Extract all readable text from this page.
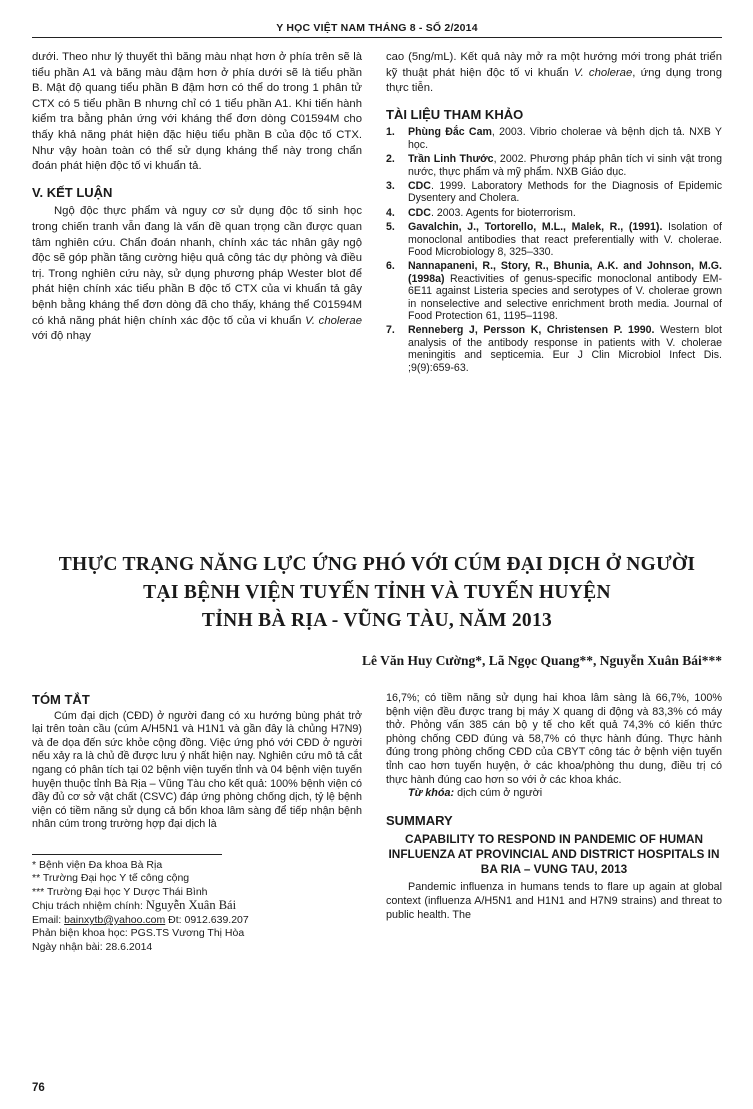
Y HỌC VIỆT NAM THÁNG 8 - SỐ 2/2014

dưới. Theo như lý thuyết thì băng màu nhạt hơn ở phía trên sẽ là tiểu phần A1 và băng màu đậm hơn ở phía dưới sẽ là tiểu phần B. Mật độ quang tiểu phần B đậm hơn có thể do trong 1 phân tử CTX có 5 tiểu phần B nhưng chỉ có 1 tiểu phần A1. Khi tiến hành kiểm tra bằng phản ứng với kháng thể đơn dòng C01594M cho thấy khả năng phát hiện đặc hiệu tiểu phần B của độc tố CTX. Như vậy hoàn toàn có thể sử dụng kháng thể này trong chẩn đoán phát hiện độc tố vi khuẩn tả.

V. KẾT LUẬN

Ngộ độc thực phẩm và nguy cơ sử dụng độc tố sinh học trong chiến tranh vẫn đang là vấn đề quan trọng cần được quan tâm nghiên cứu. Chẩn đoán nhanh, chính xác tác nhân gây ngộ độc sẽ góp phần tăng cường hiệu quả công tác dự phòng và điều trị. Trong nghiên cứu này, sử dụng phương pháp Wester blot để phát hiện chính xác tiểu phần B độc tố CTX của vi khuẩn tả gây bệnh bằng kháng thể đơn dòng đã cho thấy, kháng thể C01594M có khả năng phát hiện chính xác độc tố của vi khuẩn V. cholerae với độ nhạy

cao (5ng/mL). Kết quả này mở ra một hướng mới trong phát triển kỹ thuật phát hiện độc tố vi khuẩn V. cholerae, ứng dụng trong thực tiễn.

TÀI LIỆU THAM KHẢO
1. Phùng Đắc Cam, 2003. Vibrio cholerae và bệnh dịch tả. NXB Y học.
2. Trần Linh Thước, 2002. Phương pháp phân tích vi sinh vật trong nước, thực phẩm và mỹ phẩm. NXB Giáo dục.
3. CDC. 1999. Laboratory Methods for the Diagnosis of Epidemic Dysentery and Cholera.
4. CDC. 2003. Agents for bioterrorism.
5. Gavalchin, J., Tortorello, M.L., Malek, R., (1991). Isolation of monoclonal antibodies that react preferentially with V. cholerae. Food Microbiology 8, 325–330.
6. Nannapaneni, R., Story, R., Bhunia, A.K. and Johnson, M.G. (1998a) Reactivities of genus-specific monoclonal antibody EM-6E11 against Listeria species and serotypes of V. cholerae grown in nonselective and selective enrichment broth media. Journal of Food Protection 61, 1195–1198.
7. Renneberg J, Persson K, Christensen P. 1990. Western blot analysis of the antibody response in patients with V. cholerae meningitis and septicemia. Eur J Clin Microbiol Infect Dis. ;9(9):659-63.
THỰC TRẠNG NĂNG LỰC ỨNG PHÓ VỚI CÚM ĐẠI DỊCH Ở NGƯỜI
TẠI BỆNH VIỆN TUYẾN TỈNH VÀ TUYẾN HUYỆN
TỈNH BÀ RỊA - VŨNG TÀU, NĂM 2013
Lê Văn Huy Cường*, Lã Ngọc Quang**, Nguyễn Xuân Bái***
TÓM TẮT

Cúm đại dịch (CĐD) ở người đang có xu hướng bùng phát trở lại trên toàn cầu (cúm A/H5N1 và H1N1 và gần đây là chủng H7N9) và đe dọa đến sức khỏe cộng đồng. Việc ứng phó với CĐD ở người nếu xảy ra là chủ đề được lưu ý nhất hiện nay. Nghiên cứu mô tả cắt ngang có phân tích tại 02 bệnh viện tuyến tỉnh và 04 bệnh viện tuyến huyện thuộc tỉnh Bà Rịa – Vũng Tàu cho kết quả: 100% bệnh viện có đầy đủ cơ sở vật chất (CSVC) đáp ứng phòng chống dịch, tỷ lệ bệnh viện có tiềm năng sử dụng cả bốn khoa lâm sàng để tiếp nhận bệnh nhân cúm trong trường hợp đại dịch là

* Bệnh viện Đa khoa Bà Rịa
** Trường Đại học Y tế công cộng
*** Trường Đại học Y Dược Thái Bình
Chịu trách nhiệm chính: Nguyễn Xuân Bái
Email: bainxytb@yahoo.com Đt: 0912.639.207
Phản biện khoa học: PGS.TS Vương Thị Hòa
Ngày nhận bài: 28.6.2014

16,7%; có tiềm năng sử dụng hai khoa lâm sàng là 66,7%, 100% bệnh viện đều được trang bị máy X quang di động và 83,3% có máy thở. Phỏng vấn 385 cán bộ y tế cho kết quả 74,3% có kiến thức phòng chống CĐD đúng và 58,7% có thực hành đúng. Thực hành đúng trong phòng chống CĐD của CBYT công tác ở bệnh viện tuyến tỉnh cao hơn tuyến huyện, ở các khoa/phòng thu dung, điều trị có thực hành đúng cao hơn so với ở các khoa khác.

Từ khóa: dịch cúm ở người

SUMMARY
CAPABILITY TO RESPOND IN PANDEMIC OF HUMAN INFLUENZA AT PROVINCIAL AND DISTRICT HOSPITALS IN BA RIA – VUNG TAU, 2013

Pandemic influenza in humans tends to flare up again at global context (influenza A/H5N1 and H1N1 and H7N9 strains) and threat to public health. The

76
